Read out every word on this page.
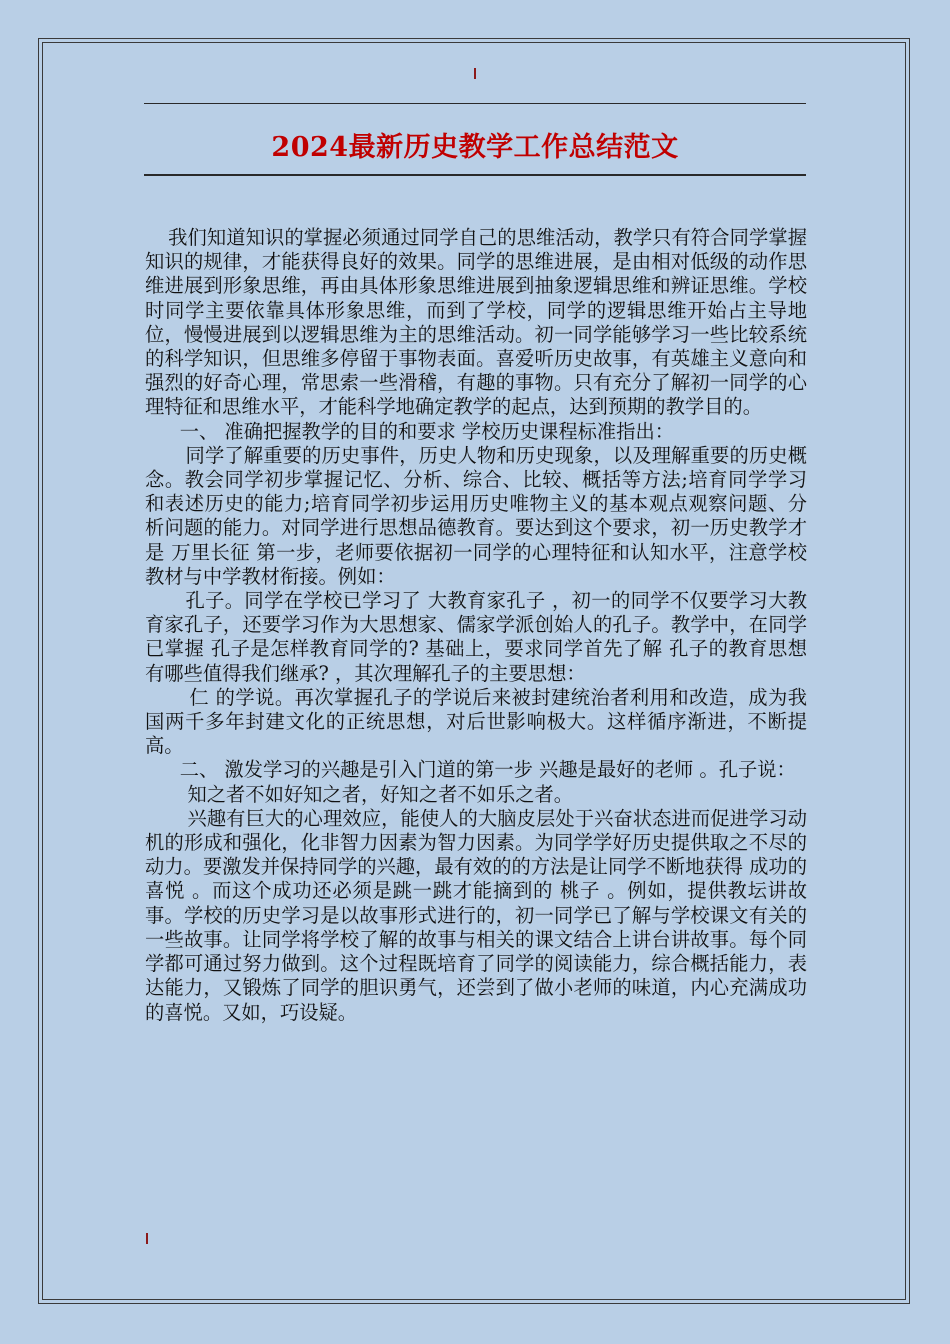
2024最新历史教学工作总结范文

我们知道知识的掌握必须通过同学自己的思维活动，教学只有符合同学掌握知识的规律，才能获得良好的效果。同学的思维进展，是由相对低级的动作思维进展到形象思维，再由具体形象思维进展到抽象逻辑思维和辨证思维。学校时同学主要依靠具体形象思维，而到了学校，同学的逻辑思维开始占主导地位，慢慢进展到以逻辑思维为主的思维活动。初一同学能够学习一些比较系统的科学知识，但思维多停留于事物表面。喜爱听历史故事，有英雄主义意向和强烈的好奇心理，常思索一些滑稽，有趣的事物。只有充分了解初一同学的心理特征和思维水平，才能科学地确定教学的起点，达到预期的教学目的。

一、 准确把握教学的目的和要求 学校历史课程标准指出：

同学了解重要的历史事件，历史人物和历史现象，以及理解重要的历史概念。教会同学初步掌握记忆、分析、综合、比较、概括等方法;培育同学学习和表述历史的能力;培育同学初步运用历史唯物主义的基本观点观察问题、分析问题的能力。对同学进行思想品德教育。要达到这个要求，初一历史教学才是 万里长征 第一步，老师要依据初一同学的心理特征和认知水平，注意学校教材与中学教材衔接。例如：

孔子。同学在学校已学习了 大教育家孔子 ，初一的同学不仅要学习大教育家孔子，还要学习作为大思想家、儒家学派创始人的孔子。教学中，在同学已掌握 孔子是怎样教育同学的? 基础上，要求同学首先了解 孔子的教育思想有哪些值得我们继承? ，其次理解孔子的主要思想：

仁 的学说。再次掌握孔子的学说后来被封建统治者利用和改造，成为我国两千多年封建文化的正统思想，对后世影响极大。这样循序渐进，不断提高。

二、 激发学习的兴趣是引入门道的第一步 兴趣是最好的老师 。孔子说：

知之者不如好知之者，好知之者不如乐之者。

兴趣有巨大的心理效应，能使人的大脑皮层处于兴奋状态进而促进学习动机的形成和强化，化非智力因素为智力因素。为同学学好历史提供取之不尽的动力。要激发并保持同学的兴趣，最有效的的方法是让同学不断地获得 成功的喜悦 。而这个成功还必须是跳一跳才能摘到的 桃子 。例如，提供教坛讲故事。学校的历史学习是以故事形式进行的，初一同学已了解与学校课文有关的一些故事。让同学将学校了解的故事与相关的课文结合上讲台讲故事。每个同学都可通过努力做到。这个过程既培育了同学的阅读能力，综合概括能力，表达能力，又锻炼了同学的胆识勇气，还尝到了做小老师的味道，内心充满成功的喜悦。又如，巧设疑。
